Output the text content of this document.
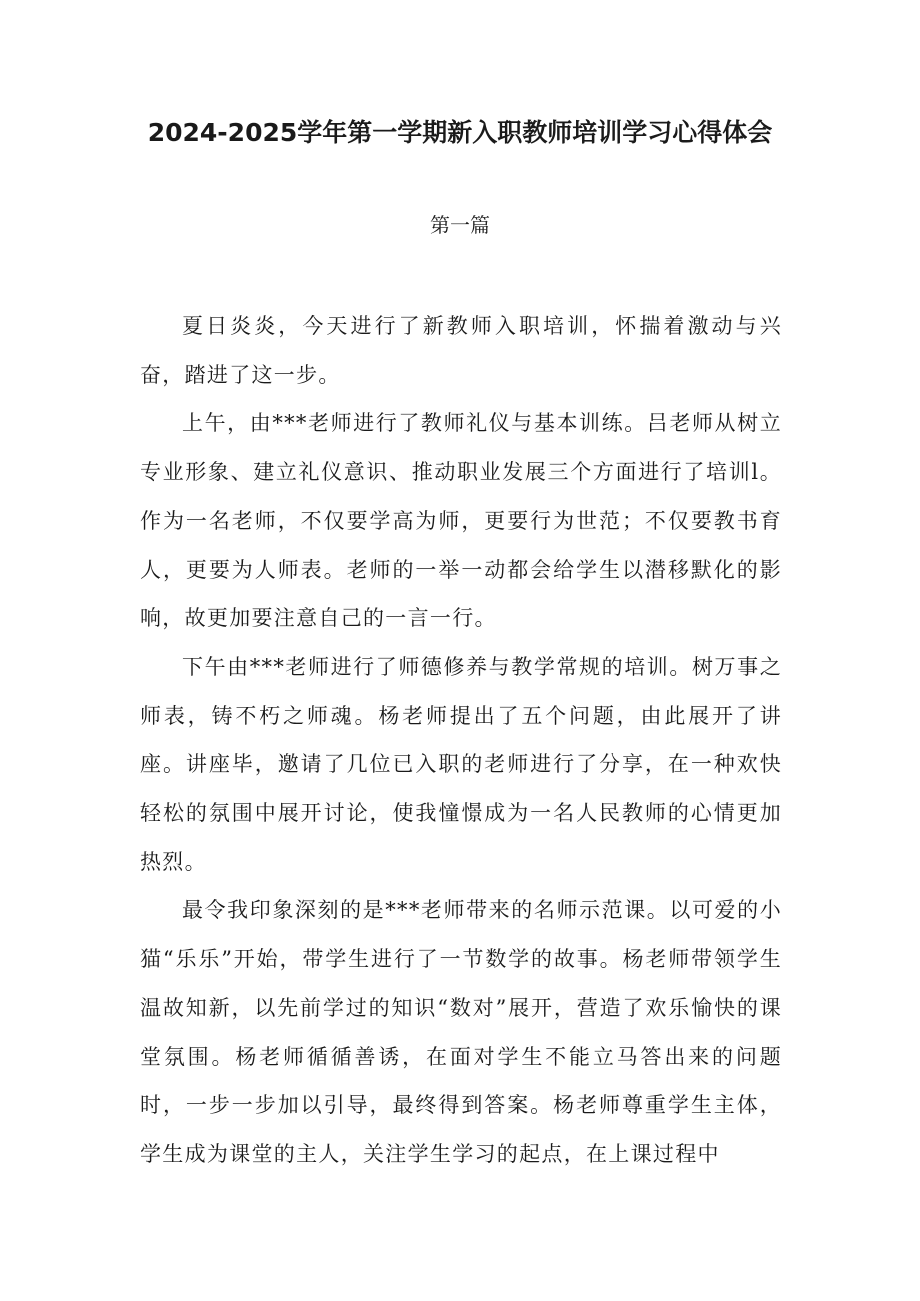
2024-2025学年第一学期新入职教师培训学习心得体会
第一篇

夏日炎炎，今天进行了新教师入职培训，怀揣着激动与兴奋，踏进了这一步。

上午，由***老师进行了教师礼仪与基本训练。吕老师从树立专业形象、建立礼仪意识、推动职业发展三个方面进行了培训l。作为一名老师，不仅要学高为师，更要行为世范；不仅要教书育人，更要为人师表。老师的一举一动都会给学生以潜移默化的影响，故更加要注意自己的一言一行。

下午由***老师进行了师德修养与教学常规的培训。树万事之师表，铸不朽之师魂。杨老师提出了五个问题，由此展开了讲座。讲座毕，邀请了几位已入职的老师进行了分享，在一种欢快轻松的氛围中展开讨论，使我憧憬成为一名人民教师的心情更加热烈。

最令我印象深刻的是***老师带来的名师示范课。以可爱的小猫“乐乐”开始，带学生进行了一节数学的故事。杨老师带领学生温故知新，以先前学过的知识“数对”展开，营造了欢乐愉快的课堂氛围。杨老师循循善诱，在面对学生不能立马答出来的问题时，一步一步加以引导，最终得到答案。杨老师尊重学生主体，学生成为课堂的主人，关注学生学习的起点，在上课过程中
